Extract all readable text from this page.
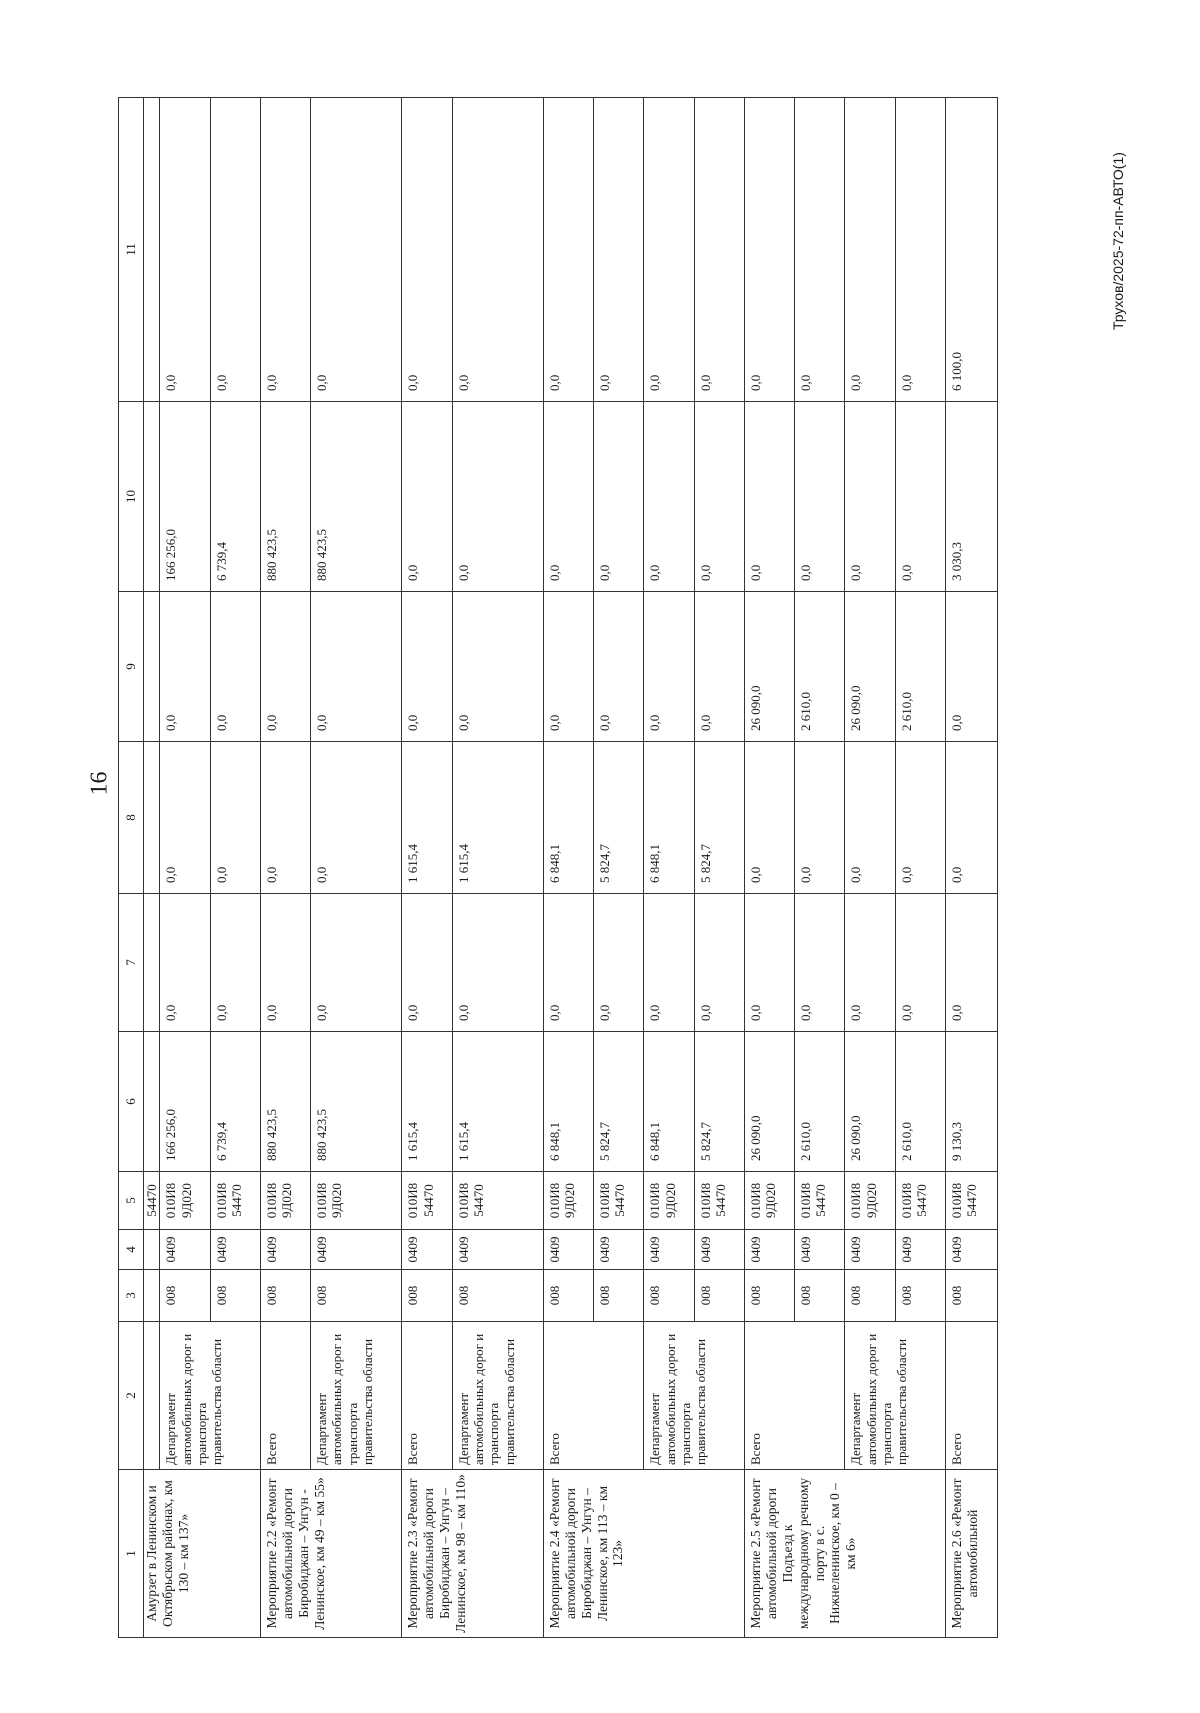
16
Трухов/2025-72-пп-АВТО(1)
1	2	3	4	5	6	7	8	9	10	11
Амурзет в Ленинском и Октябрьском районах, км 130 – км 137»				54470						
	Департамент автомобильных дорог и транспорта правительства области	008	0409	010И8 9Д020	166 256,0	0,0	0,0	0,0	166 256,0	0,0
		008	0409	010И8 54470	6 739,4	0,0	0,0	0,0	6 739,4	0,0
Мероприятие 2.2 «Ремонт автомобильной дороги Биробиджан – Унгун - Ленинское, км 49 – км 55»	Всего	008	0409	010И8 9Д020	880 423,5	0,0	0,0	0,0	880 423,5	0,0
	Департамент автомобильных дорог и транспорта правительства области	008	0409	010И8 9Д020	880 423,5	0,0	0,0	0,0	880 423,5	0,0
Мероприятие 2.3 «Ремонт автомобильной дороги Биробиджан – Унгун – Ленинское, км 98 – км 110»	Всего	008	0409	010И8 54470	1 615,4	0,0	1 615,4	0,0	0,0	0,0
	Департамент автомобильных дорог и транспорта правительства области	008	0409	010И8 54470	1 615,4	0,0	1 615,4	0,0	0,0	0,0
Мероприятие 2.4 «Ремонт автомобильной дороги Биробиджан – Унгун – Ленинское, км 113 – км 123»	Всего	008	0409	010И8 9Д020	6 848,1	0,0	6 848,1	0,0	0,0	0,0
		008	0409	010И8 54470	5 824,7	0,0	5 824,7	0,0	0,0	0,0
	Департамент автомобильных дорог и транспорта правительства области	008	0409	010И8 9Д020	6 848,1	0,0	6 848,1	0,0	0,0	0,0
		008	0409	010И8 54470	5 824,7	0,0	5 824,7	0,0	0,0	0,0
Мероприятие 2.5 «Ремонт автомобильной дороги Подъезд к международному речному порту в с. Нижнеленинское, км 0 – км 6»	Всего	008	0409	010И8 9Д020	26 090,0	0,0	0,0	26 090,0	0,0	0,0
		008	0409	010И8 54470	2 610,0	0,0	0,0	2 610,0	0,0	0,0
	Департамент автомобильных дорог и транспорта правительства области	008	0409	010И8 9Д020	26 090,0	0,0	0,0	26 090,0	0,0	0,0
		008	0409	010И8 54470	2 610,0	0,0	0,0	2 610,0	0,0	0,0
Мероприятие 2.6 «Ремонт автомобильной	Всего	008	0409	010И8 54470	9 130,3	0,0	0,0	0,0	3 030,3	6 100,0
